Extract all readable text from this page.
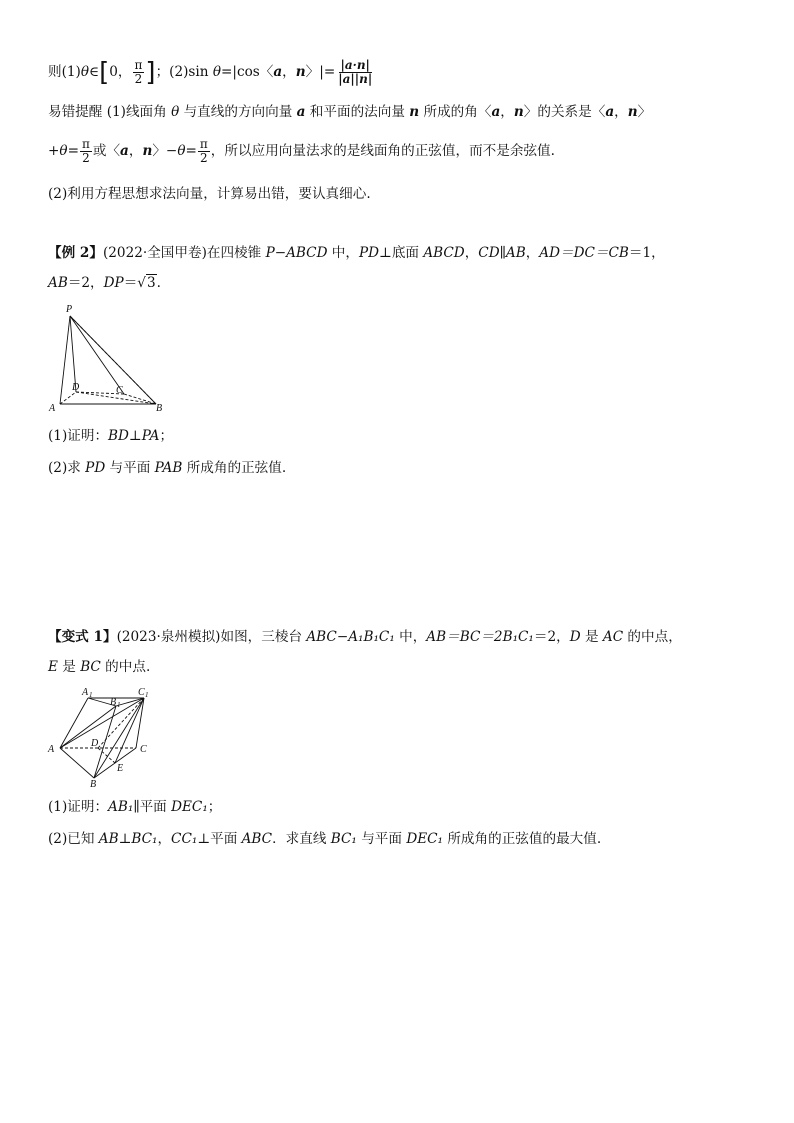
则(1)θ∈[0， $\frac{\pi}{2}$ ]；(2)sin θ=|cos〈a，n〉|= $\frac{|a\cdot n|}{|a||n|}$
易错提醒 (1)线面角 θ 与直线的方向向量 a 和平面的法向量 n 所成的角〈a，n〉的关系是〈a，n〉
$+\theta= \frac{\pi}{2}$ 或〈a，n〉$-\theta= \frac{\pi}{2}$ ，所以应用向量法求的是线面角的正弦值，而不是余弦值.
(2)利用方程思想求法向量，计算易出错，要认真细心.
【例 2】(2022·全国甲卷)在四棱锥 P−ABCD 中，PD⊥底面 ABCD，CD∥AB，AD＝DC＝CB＝1，
AB＝2，DP＝√3.
P
A	B
C
D
(1)证明：BD⊥PA；
(2)求 PD 与平面 PAB 所成角的正弦值.
【变式 1】(2023·泉州模拟)如图，三棱台 ABC−A₁B₁C₁ 中，AB＝BC＝2B₁C₁＝2，D 是 AC 的中点，
E 是 BC 的中点.
A 1
B 1
C 1
A
B
C
D
E
(1)证明：AB₁∥平面 DEC₁；
(2)已知 AB⊥BC₁，CC₁⊥平面 ABC．求直线 BC₁ 与平面 DEC₁ 所成角的正弦值的最大值.
